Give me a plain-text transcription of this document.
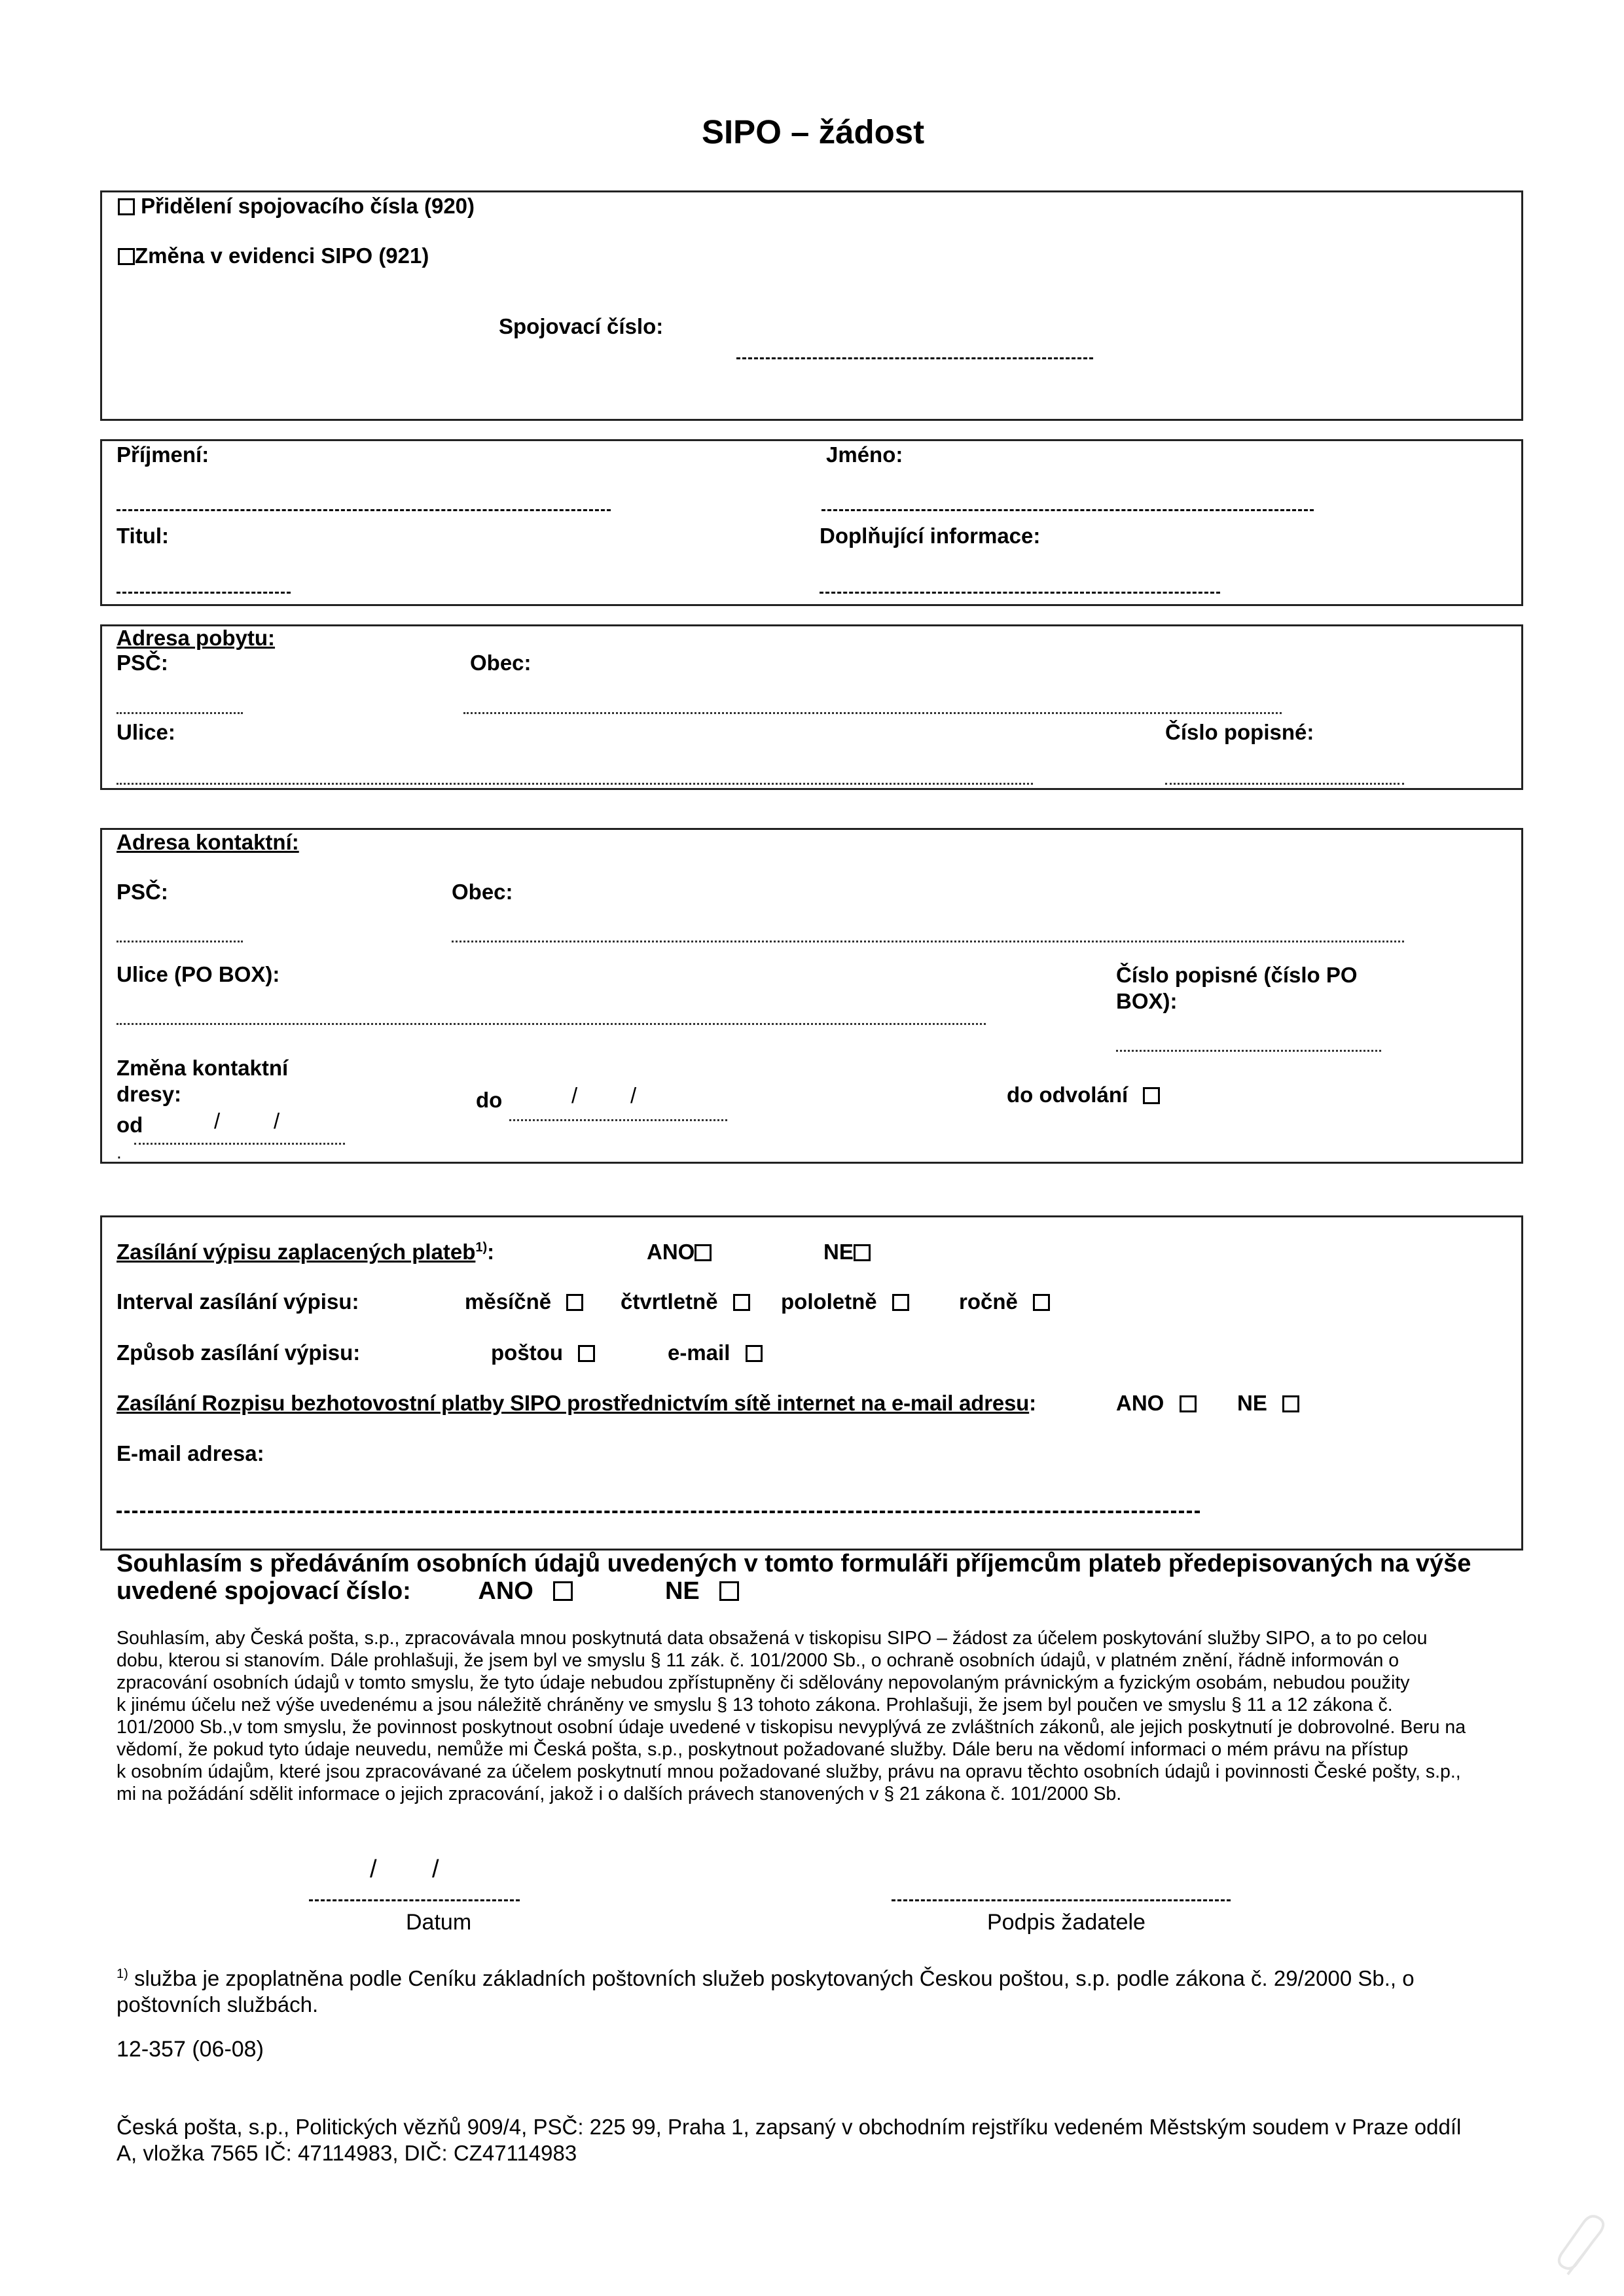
SIPO – žádost
Přidělení spojovacího čísla (920)
Změna v evidenci SIPO (921)
Spojovací číslo:
Příjmení:	Jméno:
Titul:	Doplňující informace:
Adresa pobytu:
PSČ:	Obec:
Ulice:	Číslo popisné:
Adresa kontaktní:
PSČ:	Obec:
Ulice (PO BOX):	Číslo popisné (číslo PO
BOX):
Změna kontaktní
dresy:
od	/ /
.
do	/ /	do odvolání
Zasílání výpisu zaplacených plateb$^{1)}$:	ANO	NE
Interval zasílání výpisu:	měsíčně	čtvrtletně	pololetně	ročně
Způsob zasílání výpisu:	poštou	e-mail
Zasílání Rozpisu bezhotovostní platby SIPO prostřednictvím sítě internet na e-mail adresu:	ANO	NE
E-mail adresa:
Souhlasím s předáváním osobních údajů uvedených v tomto formuláři příjemcům plateb předepisovaných na výše
uvedené spojovací číslo:	ANO	NE
Souhlasím, aby Česká pošta, s.p., zpracovávala mnou poskytnutá data obsažená v tiskopisu SIPO – žádost za účelem poskytování služby SIPO, a to po celou
dobu, kterou si stanovím. Dále prohlašuji, že jsem byl ve smyslu § 11 zák. č. 101/2000 Sb., o ochraně osobních údajů, v platném znění, řádně informován o
zpracování osobních údajů v tomto smyslu, že tyto údaje nebudou zpřístupněny či sdělovány nepovolaným právnickým a fyzickým osobám, nebudou použity
k jinému účelu než výše uvedenému a jsou náležitě chráněny ve smyslu § 13 tohoto zákona. Prohlašuji, že jsem byl poučen ve smyslu § 11 a 12 zákona č.
101/2000 Sb.,v tom smyslu, že povinnost poskytnout osobní údaje uvedené v tiskopisu nevyplývá ze zvláštních zákonů, ale jejich poskytnutí je dobrovolné. Beru na
vědomí, že pokud tyto údaje neuvedu, nemůže mi Česká pošta, s.p., poskytnout požadované služby. Dále beru na vědomí informaci o mém právu na přístup
k osobním údajům, které jsou zpracovávané za účelem poskytnutí mnou požadované služby, právu na opravu těchto osobních údajů i povinnosti České pošty, s.p.,
mi na požádání sdělit informace o jejich zpracování, jakož i o dalších právech stanovených v § 21 zákona č. 101/2000 Sb.
/        /
Datum	Podpis žadatele
$^{1)}$ služba je zpoplatněna podle Ceníku základních poštovních služeb poskytovaných Českou poštou, s.p. podle zákona č. 29/2000 Sb., o
poštovních službách.
12-357 (06-08)
Česká pošta, s.p., Politických vězňů 909/4, PSČ: 225 99, Praha 1, zapsaný v obchodním rejstříku vedeném Městským soudem v Praze oddíl
A, vložka 7565 IČ: 47114983, DIČ: CZ47114983
